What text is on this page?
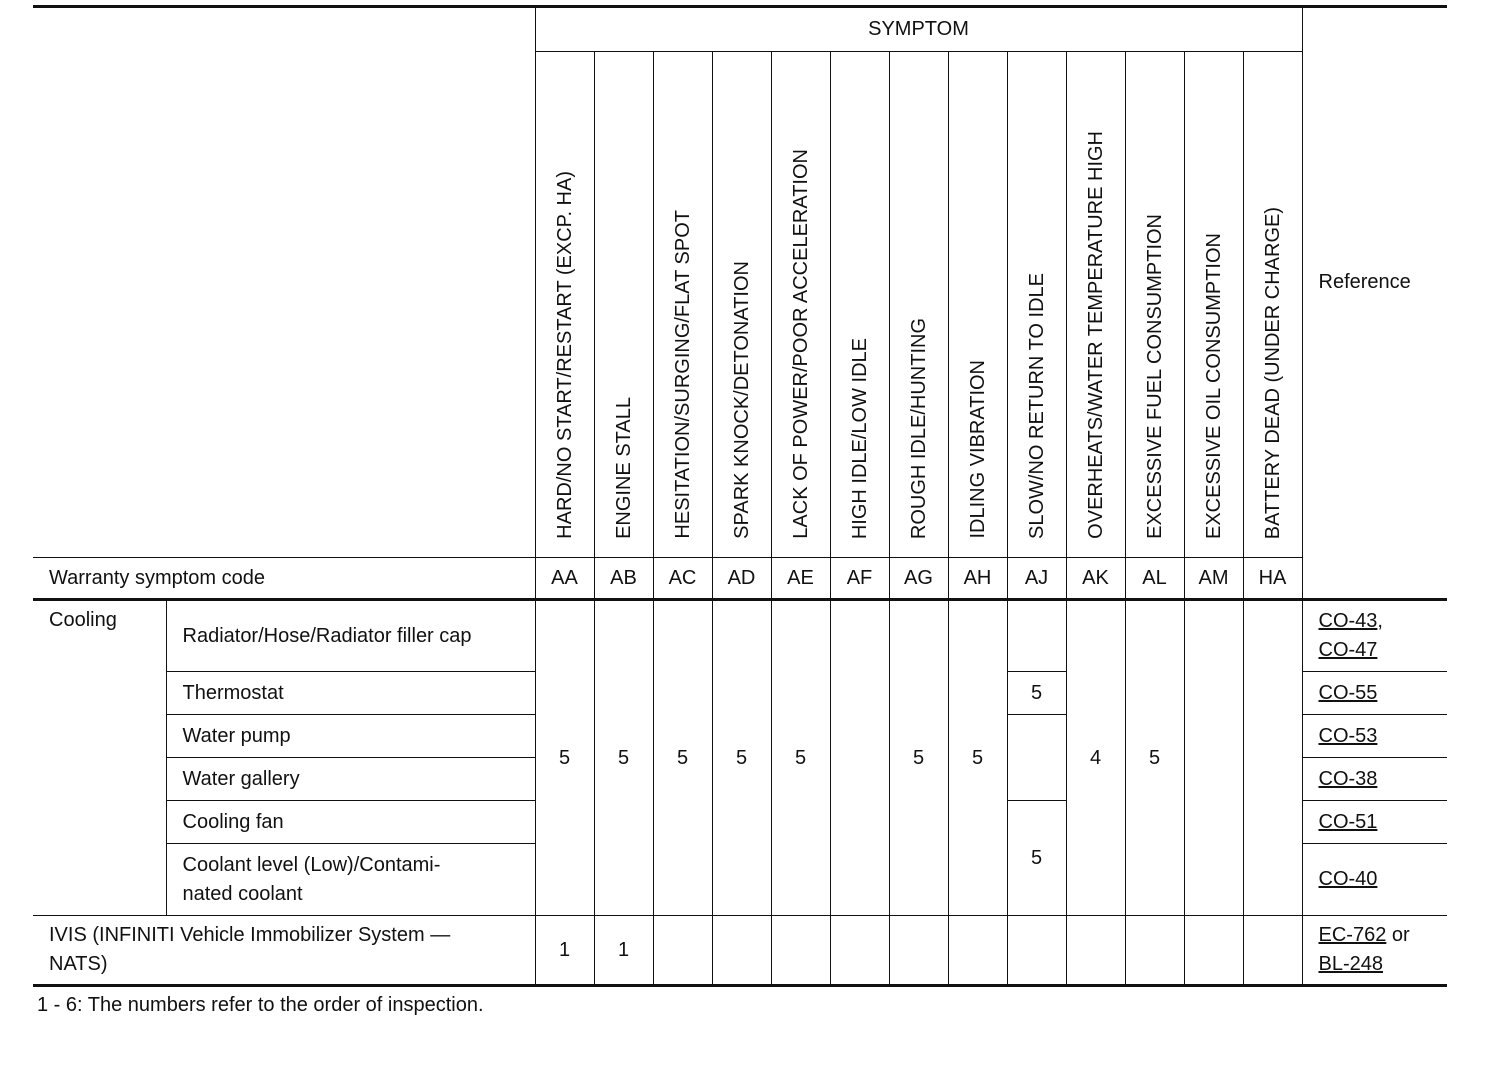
		SYMPTOM													Reference

		HARD/NO START/RESTART (EXCP. HA)	ENGINE STALL	HESITATION/SURGING/FLAT SPOT	SPARK KNOCK/DETONATION	LACK OF POWER/POOR ACCELERATION	HIGH IDLE/LOW IDLE	ROUGH IDLE/HUNTING	IDLING VIBRATION	SLOW/NO RETURN TO IDLE	OVERHEATS/WATER TEMPERATURE HIGH	EXCESSIVE FUEL CONSUMPTION	EXCESSIVE OIL CONSUMPTION	BATTERY DEAD (UNDER CHARGE)	

Warranty symptom code		AA	AB	AC	AD	AE	AF	AG	AH	AJ	AK	AL	AM	HA	
Cooling	Radiator/Hose/Radiator filler cap	5	5	5	5	5		5	5		4	5			CO-43,
CO-47
	Thermostat									5					CO-55
	Water pump														CO-53
	Water gallery														CO-38
	Cooling fan									5					CO-51
	Coolant level (Low)/Contami-
nated coolant														CO-40
IVIS (INFINITI Vehicle Immobilizer System —
NATS)		1	1												EC-762 or
BL-248
1 - 6: The numbers refer to the order of inspection.
